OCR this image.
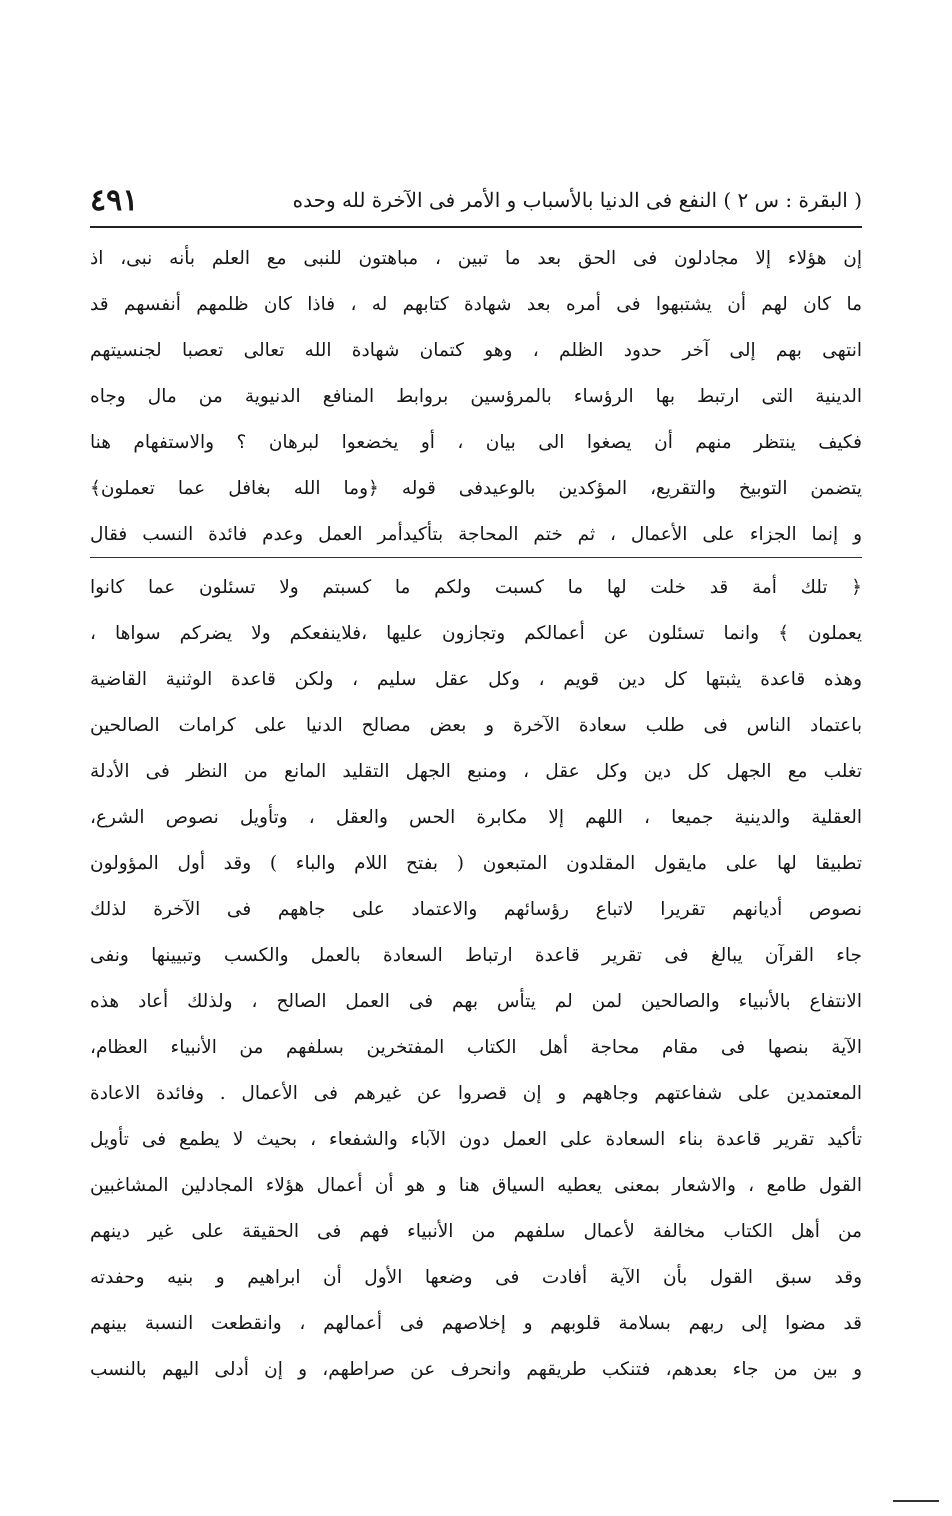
٤٩١	( البقرة : س ٢ ) النفع فى الدنيا بالأسباب و الأمر فى الآخرة لله وحده
إن هؤلاء إلا مجادلون فى الحق بعد ما تبين ، مباهتون للنبى مع العلم بأنه نبى، اذ
ما كان لهم أن يشتبهوا فى أمره بعد شهادة كتابهم له ، فاذا كان ظلمهم أنفسهم قد
انتهى بهم إلى آخر حدود الظلم ، وهو كتمان شهادة الله تعالى تعصبا لجنسيتهم
الدينية التى ارتبط بها الرؤساء بالمرؤسين بروابط المنافع الدنيوية من مال وجاه
فكيف ينتظر منهم أن يصغوا الى بيان ، أو يخضعوا لبرهان ؟ والاستفهام هنا
يتضمن التوبيخ والتقريع، المؤكدين بالوعيدفى قوله ﴿وما الله بغافل عما تعملون﴾
و إنما الجزاء على الأعمال ، ثم ختم المحاجة بتأكيدأمر العمل وعدم فائدة النسب فقال
﴿ تلك أمة قد خلت لها ما كسبت ولكم ما كسبتم ولا تسئلون عما كانوا
يعملون ﴾ وانما تسئلون عن أعمالكم وتجازون عليها ،فلاينفعكم ولا يضركم سواها ،
وهذه قاعدة يثبتها كل دين قويم ، وكل عقل سليم ، ولكن قاعدة الوثنية القاضية
باعتماد الناس فى طلب سعادة الآخرة و بعض مصالح الدنيا على كرامات الصالحين
تغلب مع الجهل كل دين وكل عقل ، ومنبع الجهل التقليد المانع من النظر فى الأدلة
العقلية والدينية جميعا ، اللهم إلا مكابرة الحس والعقل ، وتأويل نصوص الشرع،
تطبيقا لها على مايقول المقلدون المتبعون ( بفتح اللام والباء ) وقد أول المؤولون
نصوص أديانهم تقريرا لاتباع رؤسائهم والاعتماد على جاههم فى الآخرة لذلك
جاء القرآن يبالغ فى تقرير قاعدة ارتباط السعادة بالعمل والكسب وتبيينها ونفى
الانتفاع بالأنبياء والصالحين لمن لم يتأس بهم فى العمل الصالح ، ولذلك أعاد هذه
الآية بنصها فى مقام محاجة أهل الكتاب المفتخرين بسلفهم من الأنبياء العظام،
المعتمدين على شفاعتهم وجاههم و إن قصروا عن غيرهم فى الأعمال . وفائدة الاعادة
تأكيد تقرير قاعدة بناء السعادة على العمل دون الآباء والشفعاء ، بحيث لا يطمع فى تأويل
القول طامع ، والاشعار بمعنى يعطيه السياق هنا و هو أن أعمال هؤلاء المجادلين المشاغبين
من أهل الكتاب مخالفة لأعمال سلفهم من الأنبياء فهم فى الحقيقة على غير دينهم
وقد سبق القول بأن الآية أفادت فى وضعها الأول أن ابراهيم و بنيه وحفدته
قد مضوا إلى ربهم بسلامة قلوبهم و إخلاصهم فى أعمالهم ، وانقطعت النسبة بينهم
و بين من جاء بعدهم، فتنكب طريقهم وانحرف عن صراطهم، و إن أدلى اليهم بالنسب
